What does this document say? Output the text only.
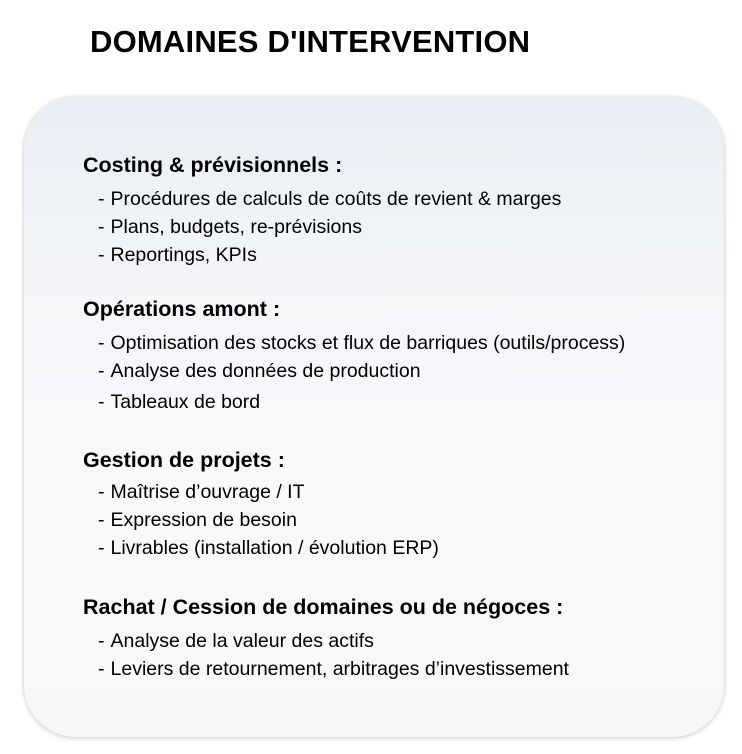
DOMAINES D'INTERVENTION
Costing & prévisionnels :
- Procédures de calculs de coûts de revient & marges
- Plans, budgets, re-prévisions
- Reportings, KPIs
Opérations amont :
- Optimisation des stocks et flux de barriques (outils/process)
- Analyse des données de production
- Tableaux de bord
Gestion de projets :
- Maîtrise d’ouvrage / IT
- Expression de besoin
- Livrables (installation / évolution ERP)
Rachat / Cession de domaines ou de négoces :
- Analyse de la valeur des actifs
- Leviers de retournement, arbitrages d’investissement
